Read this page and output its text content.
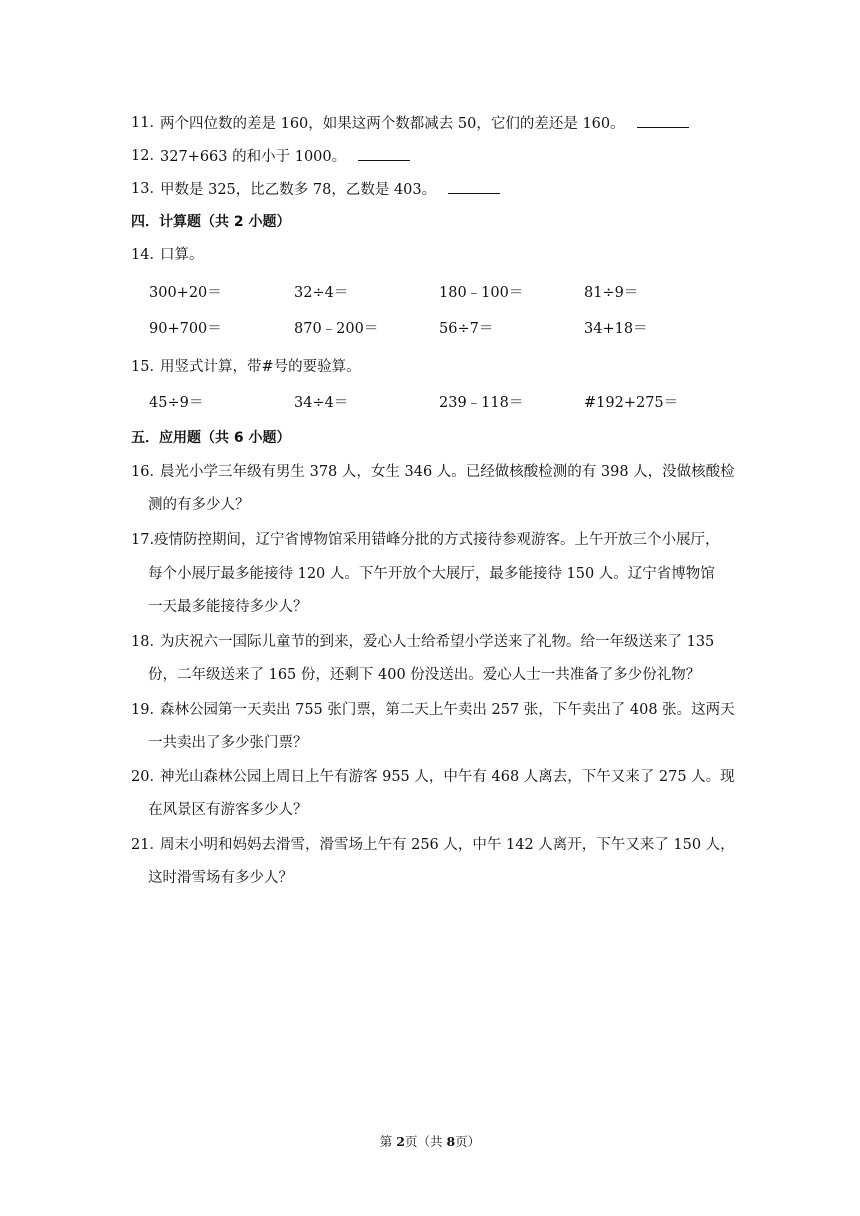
11．
两个四位数的差是 160，如果这两个数都减去 50，它们的差还是 160。
12．
327+663 的和小于 1000。
13．
甲数是 325，比乙数多 78，乙数是 403。
四．计算题（共 2 小题）
14．
口算。
300+20＝	32÷4＝	180﹣100＝	81÷9＝
90+700＝	870﹣200＝	56÷7＝	34+18＝
15．
用竖式计算，带#号的要验算。
45÷9＝	34÷4＝	239﹣118＝	#192+275＝
五．应用题（共 6 小题）
16．
晨光小学三年级有男生 378 人，女生 346 人。已经做核酸检测的有 398 人，没做核酸检
测的有多少人？
17. 疫情防控期间，辽宁省博物馆采用错峰分批的方式接待参观游客。上午开放三个小展厅，
每个小展厅最多能接待 120 人。下午开放个大展厅，最多能接待 150 人。辽宁省博物馆
一天最多能接待多少人？
18．
为庆祝六一国际儿童节的到来，爱心人士给希望小学送来了礼物。给一年级送来了 135
份，二年级送来了 165 份，还剩下 400 份没送出。爱心人士一共准备了多少份礼物？
19．
森林公园第一天卖出 755 张门票，第二天上午卖出 257 张，下午卖出了 408 张。这两天
一共卖出了多少张门票？
20．
神光山森林公园上周日上午有游客 955 人，中午有 468 人离去，下午又来了 275 人。现
在风景区有游客多少人？
21．
周末小明和妈妈去滑雪，滑雪场上午有 256 人，中午 142 人离开，下午又来了 150 人，
这时滑雪场有多少人？
第 2页（共 8页）
